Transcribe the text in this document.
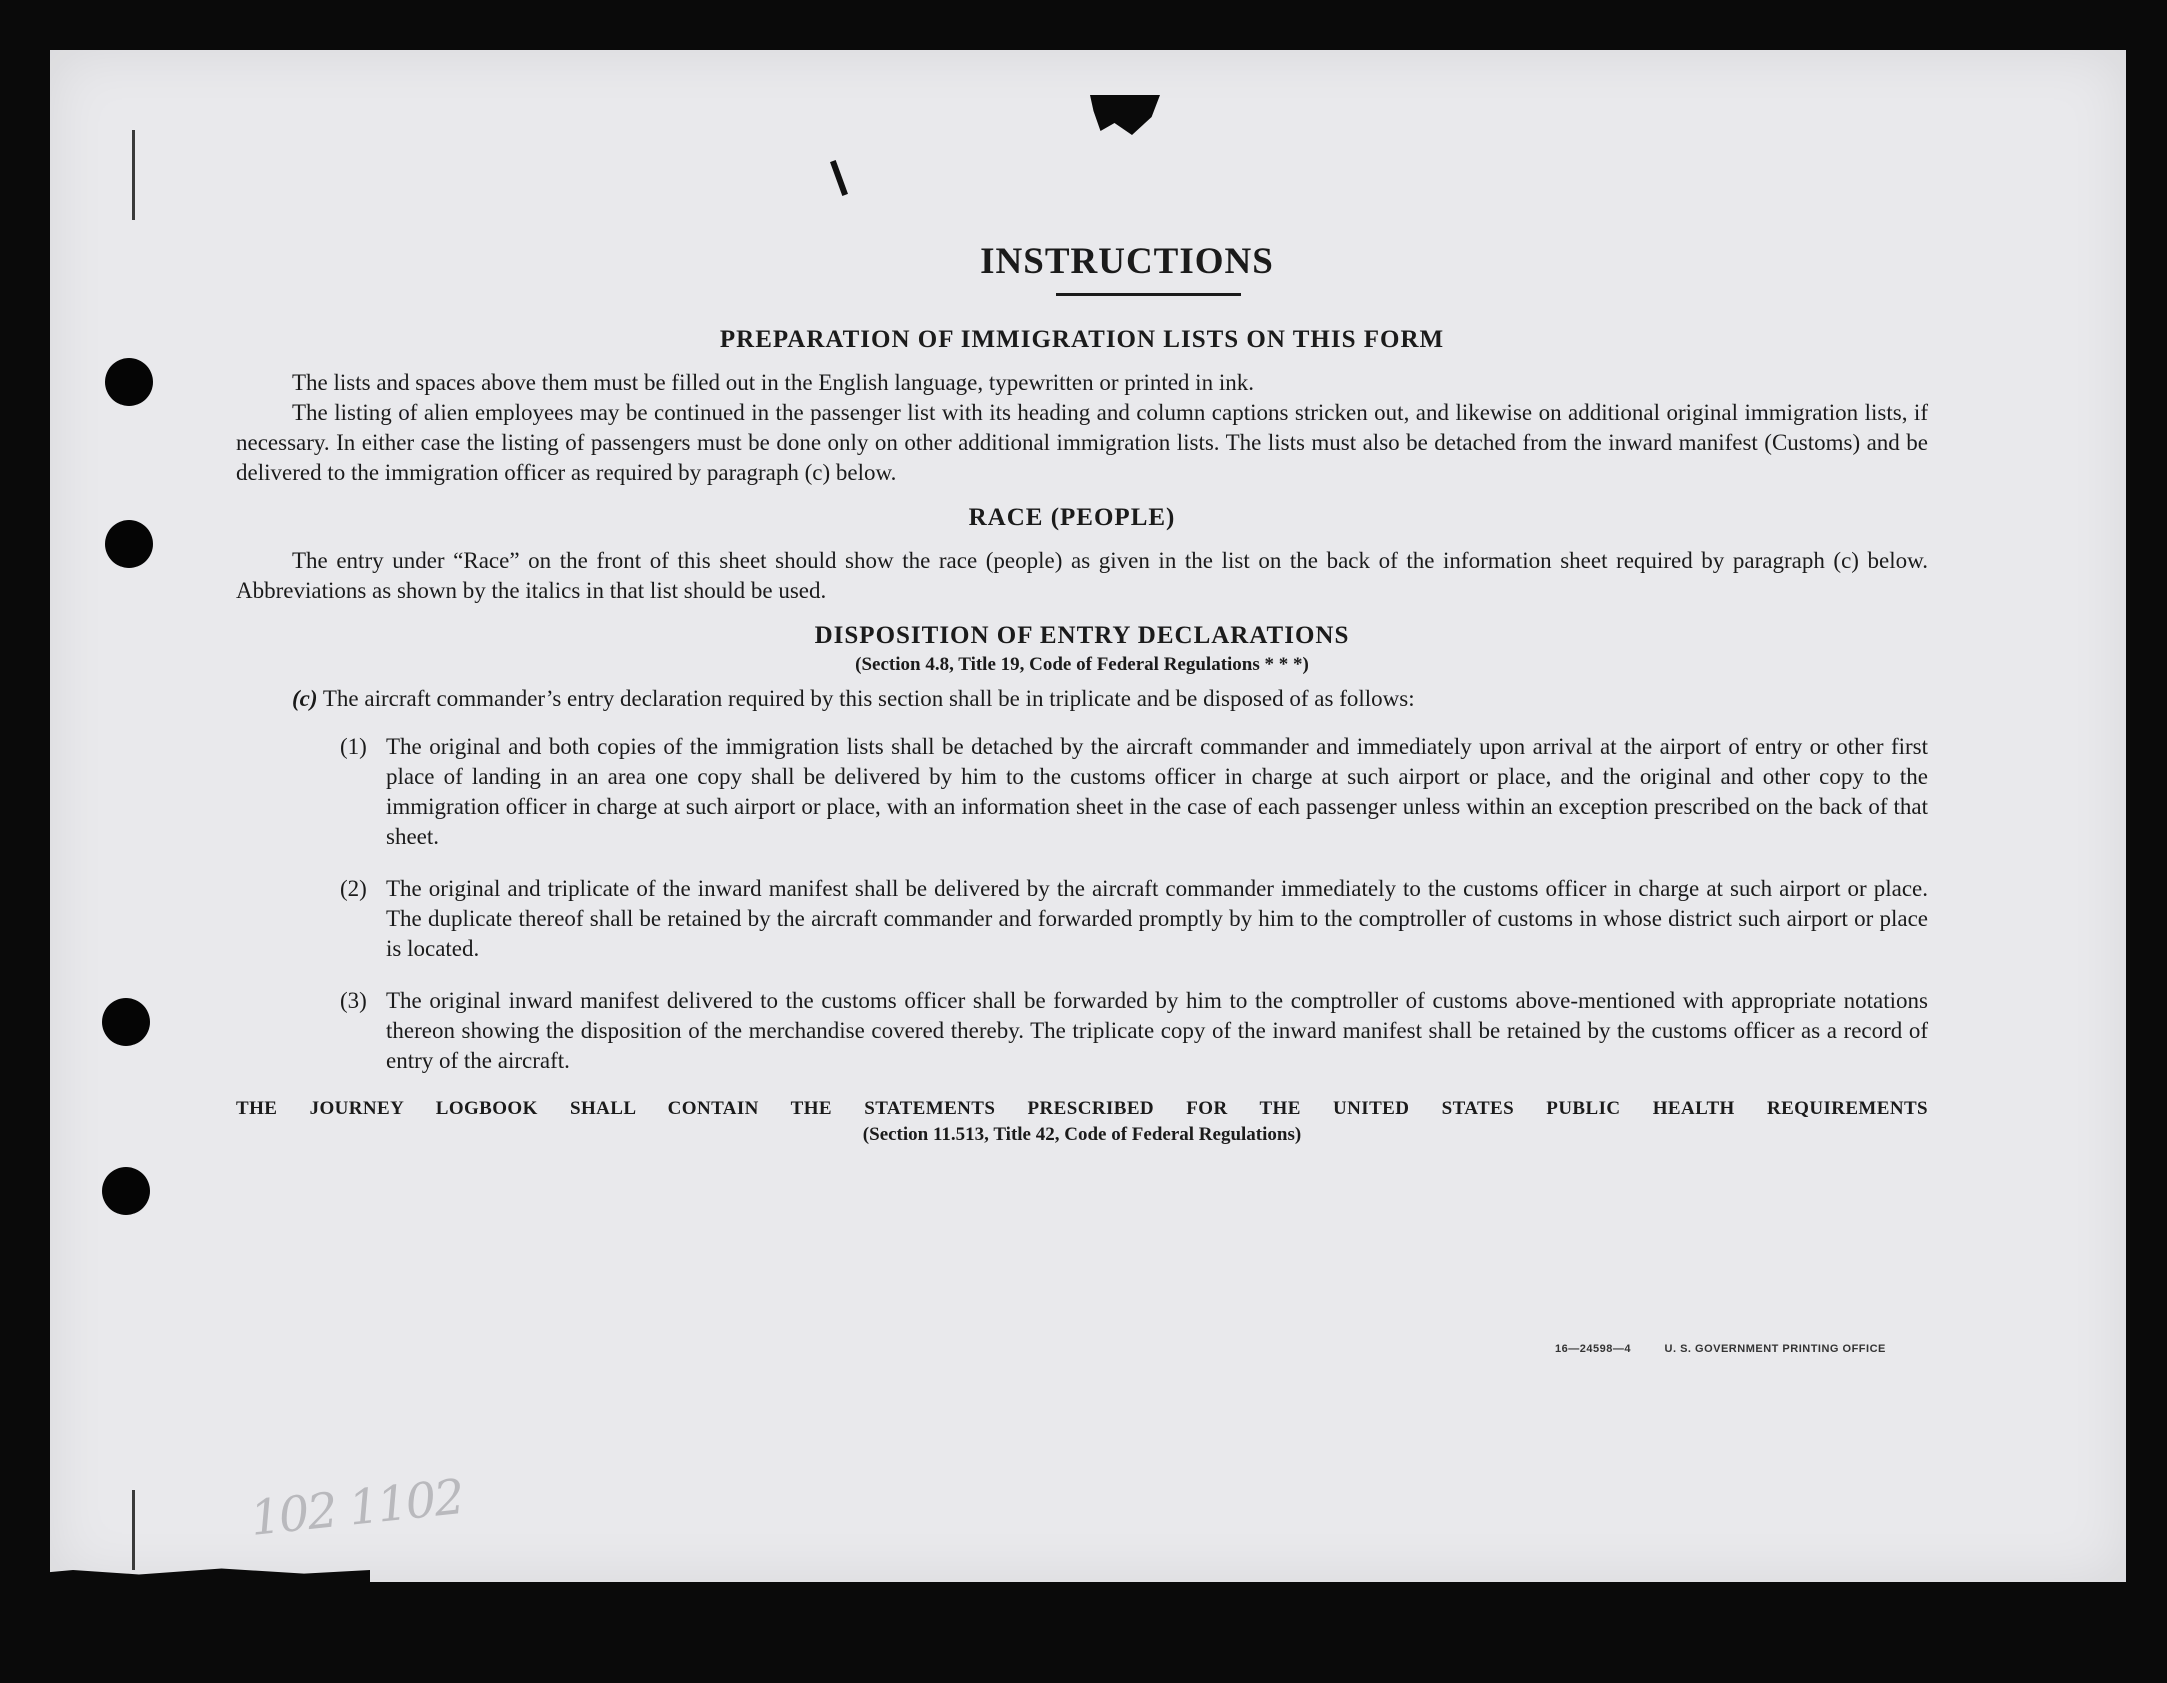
INSTRUCTIONS
PREPARATION OF IMMIGRATION LISTS ON THIS FORM

The lists and spaces above them must be filled out in the English language, typewritten or printed in ink.

The listing of alien employees may be continued in the passenger list with its heading and column captions stricken out, and likewise on additional original immigration lists, if necessary. In either case the listing of passengers must be done only on other additional immigration lists. The lists must also be detached from the inward manifest (Customs) and be delivered to the immigration officer as required by paragraph (c) below.

RACE (PEOPLE)

The entry under “Race” on the front of this sheet should show the race (people) as given in the list on the back of the information sheet required by paragraph (c) below. Abbreviations as shown by the italics in that list should be used.

DISPOSITION OF ENTRY DECLARATIONS
(Section 4.8, Title 19, Code of Federal Regulations * * *)
(c) The aircraft commander’s entry declaration required by this section shall be in triplicate and be disposed of as follows:
(1) The original and both copies of the immigration lists shall be detached by the aircraft commander and immediately upon arrival at the airport of entry or other first place of landing in an area one copy shall be delivered by him to the customs officer in charge at such airport or place, and the original and other copy to the immigration officer in charge at such airport or place, with an information sheet in the case of each passenger unless within an exception prescribed on the back of that sheet.

(2) The original and triplicate of the inward manifest shall be delivered by the aircraft commander immediately to the customs officer in charge at such airport or place. The duplicate thereof shall be retained by the aircraft commander and forwarded promptly by him to the comptroller of customs in whose district such airport or place is located.

(3) The original inward manifest delivered to the customs officer shall be forwarded by him to the comptroller of customs above-mentioned with appropriate notations thereon showing the disposition of the merchandise covered thereby. The triplicate copy of the inward manifest shall be retained by the customs officer as a record of entry of the aircraft.

THE JOURNEY LOGBOOK SHALL CONTAIN THE STATEMENTS PRESCRIBED FOR THE UNITED STATES PUBLIC HEALTH REQUIREMENTS
(Section 11.513, Title 42, Code of Federal Regulations)
16—24598—4	U. S. GOVERNMENT PRINTING OFFICE
102 1102
